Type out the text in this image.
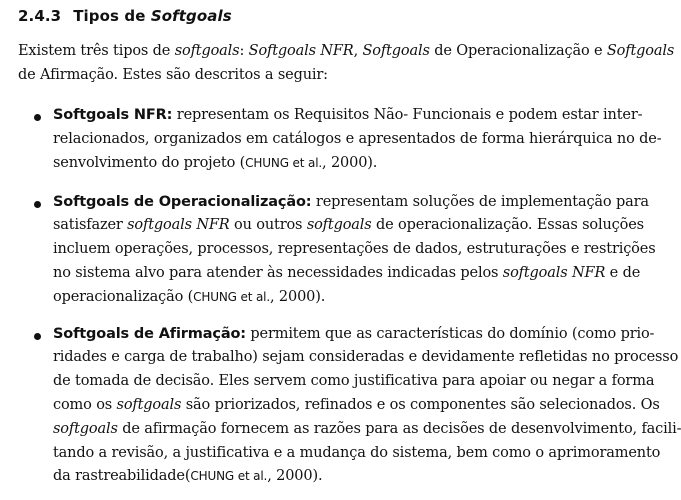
2.4.3 Tipos de Softgoals
Existem três tipos de softgoals: Softgoals NFR, Softgoals de Operacionalização e Softgoals
de Afirmação. Estes são descritos a seguir:
Softgoals NFR: representam os Requisitos Não- Funcionais e podem estar inter-
relacionados, organizados em catálogos e apresentados de forma hierárquica no de-
senvolvimento do projeto (CHUNG et al., 2000).
Softgoals de Operacionalização: representam soluções de implementação para
satisfazer softgoals NFR ou outros softgoals de operacionalização. Essas soluções
incluem operações, processos, representações de dados, estruturações e restrições
no sistema alvo para atender às necessidades indicadas pelos softgoals NFR e de
operacionalização (CHUNG et al., 2000).
Softgoals de Afirmação: permitem que as características do domínio (como prio-
ridades e carga de trabalho) sejam consideradas e devidamente refletidas no processo
de tomada de decisão. Eles servem como justificativa para apoiar ou negar a forma
como os softgoals são priorizados, refinados e os componentes são selecionados. Os
softgoals de afirmação fornecem as razões para as decisões de desenvolvimento, facili-
tando a revisão, a justificativa e a mudança do sistema, bem como o aprimoramento
da rastreabilidade(CHUNG et al., 2000).
